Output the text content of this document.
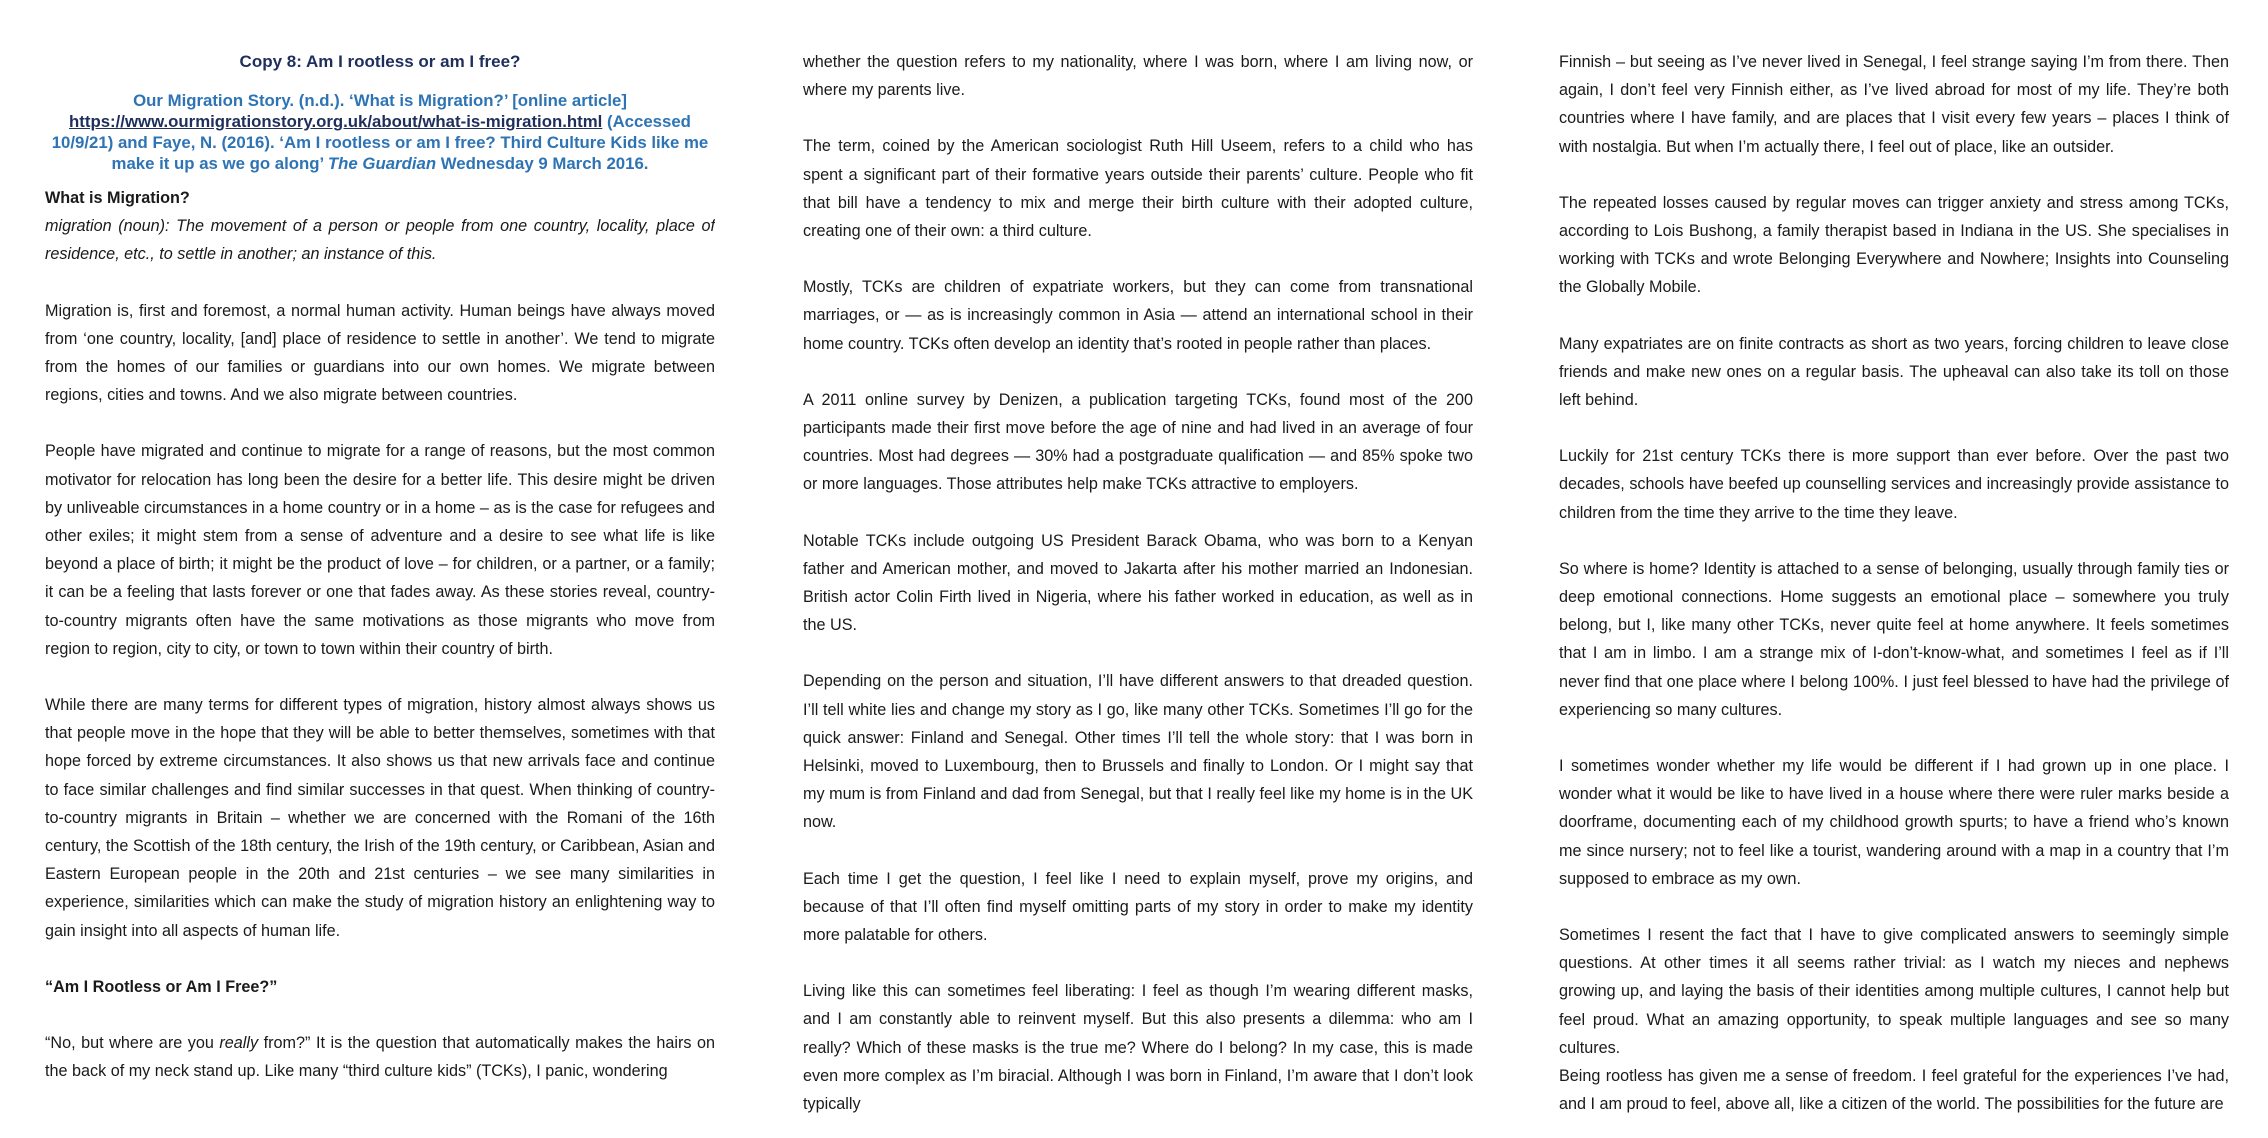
Copy 8: Am I rootless or am I free?
Our Migration Story. (n.d.). ‘What is Migration?’ [online article] https://www.ourmigrationstory.org.uk/about/what-is-migration.html (Accessed 10/9/21) and Faye, N. (2016). ‘Am I rootless or am I free? Third Culture Kids like me make it up as we go along’ The Guardian Wednesday 9 March 2016.
What is Migration?
migration (noun): The movement of a person or people from one country, locality, place of residence, etc., to settle in another; an instance of this.

Migration is, first and foremost, a normal human activity. Human beings have always moved from ‘one country, locality, [and] place of residence to settle in another’. We tend to migrate from the homes of our families or guardians into our own homes. We migrate between regions, cities and towns. And we also migrate between countries.

People have migrated and continue to migrate for a range of reasons, but the most common motivator for relocation has long been the desire for a better life. This desire might be driven by unliveable circumstances in a home country or in a home – as is the case for refugees and other exiles; it might stem from a sense of adventure and a desire to see what life is like beyond a place of birth; it might be the product of love – for children, or a partner, or a family; it can be a feeling that lasts forever or one that fades away. As these stories reveal, country-to-country migrants often have the same motivations as those migrants who move from region to region, city to city, or town to town within their country of birth.

While there are many terms for different types of migration, history almost always shows us that people move in the hope that they will be able to better themselves, sometimes with that hope forced by extreme circumstances. It also shows us that new arrivals face and continue to face similar challenges and find similar successes in that quest. When thinking of country-to-country migrants in Britain – whether we are concerned with the Romani of the 16th century, the Scottish of the 18th century, the Irish of the 19th century, or Caribbean, Asian and Eastern European people in the 20th and 21st centuries – we see many similarities in experience, similarities which can make the study of migration history an enlightening way to gain insight into all aspects of human life.

“Am I Rootless or Am I Free?”

“No, but where are you really from?” It is the question that automatically makes the hairs on the back of my neck stand up. Like many “third culture kids” (TCKs), I panic, wondering

whether the question refers to my nationality, where I was born, where I am living now, or where my parents live.

The term, coined by the American sociologist Ruth Hill Useem, refers to a child who has spent a significant part of their formative years outside their parents’ culture. People who fit that bill have a tendency to mix and merge their birth culture with their adopted culture, creating one of their own: a third culture.

Mostly, TCKs are children of expatriate workers, but they can come from transnational marriages, or — as is increasingly common in Asia — attend an international school in their home country. TCKs often develop an identity that’s rooted in people rather than places.

A 2011 online survey by Denizen, a publication targeting TCKs, found most of the 200 participants made their first move before the age of nine and had lived in an average of four countries. Most had degrees — 30% had a postgraduate qualification — and 85% spoke two or more languages. Those attributes help make TCKs attractive to employers.

Notable TCKs include outgoing US President Barack Obama, who was born to a Kenyan father and American mother, and moved to Jakarta after his mother married an Indonesian. British actor Colin Firth lived in Nigeria, where his father worked in education, as well as in the US.

Depending on the person and situation, I’ll have different answers to that dreaded question. I’ll tell white lies and change my story as I go, like many other TCKs. Sometimes I’ll go for the quick answer: Finland and Senegal. Other times I’ll tell the whole story: that I was born in Helsinki, moved to Luxembourg, then to Brussels and finally to London. Or I might say that my mum is from Finland and dad from Senegal, but that I really feel like my home is in the UK now.

Each time I get the question, I feel like I need to explain myself, prove my origins, and because of that I’ll often find myself omitting parts of my story in order to make my identity more palatable for others.

Living like this can sometimes feel liberating: I feel as though I’m wearing different masks, and I am constantly able to reinvent myself. But this also presents a dilemma: who am I really? Which of these masks is the true me? Where do I belong? In my case, this is made even more complex as I’m biracial. Although I was born in Finland, I’m aware that I don’t look typically

Finnish – but seeing as I’ve never lived in Senegal, I feel strange saying I’m from there. Then again, I don’t feel very Finnish either, as I’ve lived abroad for most of my life. They’re both countries where I have family, and are places that I visit every few years – places I think of with nostalgia. But when I’m actually there, I feel out of place, like an outsider.

The repeated losses caused by regular moves can trigger anxiety and stress among TCKs, according to Lois Bushong, a family therapist based in Indiana in the US. She specialises in working with TCKs and wrote Belonging Everywhere and Nowhere; Insights into Counseling the Globally Mobile.

Many expatriates are on finite contracts as short as two years, forcing children to leave close friends and make new ones on a regular basis. The upheaval can also take its toll on those left behind.

Luckily for 21st century TCKs there is more support than ever before. Over the past two decades, schools have beefed up counselling services and increasingly provide assistance to children from the time they arrive to the time they leave.

So where is home? Identity is attached to a sense of belonging, usually through family ties or deep emotional connections. Home suggests an emotional place – somewhere you truly belong, but I, like many other TCKs, never quite feel at home anywhere. It feels sometimes that I am in limbo. I am a strange mix of I-don’t-know-what, and sometimes I feel as if I’ll never find that one place where I belong 100%. I just feel blessed to have had the privilege of experiencing so many cultures.

I sometimes wonder whether my life would be different if I had grown up in one place. I wonder what it would be like to have lived in a house where there were ruler marks beside a doorframe, documenting each of my childhood growth spurts; to have a friend who’s known me since nursery; not to feel like a tourist, wandering around with a map in a country that I’m supposed to embrace as my own.

Sometimes I resent the fact that I have to give complicated answers to seemingly simple questions. At other times it all seems rather trivial: as I watch my nieces and nephews growing up, and laying the basis of their identities among multiple cultures, I cannot help but feel proud. What an amazing opportunity, to speak multiple languages and see so many cultures.

Being rootless has given me a sense of freedom. I feel grateful for the experiences I’ve had, and I am proud to feel, above all, like a citizen of the world. The possibilities for the future are
